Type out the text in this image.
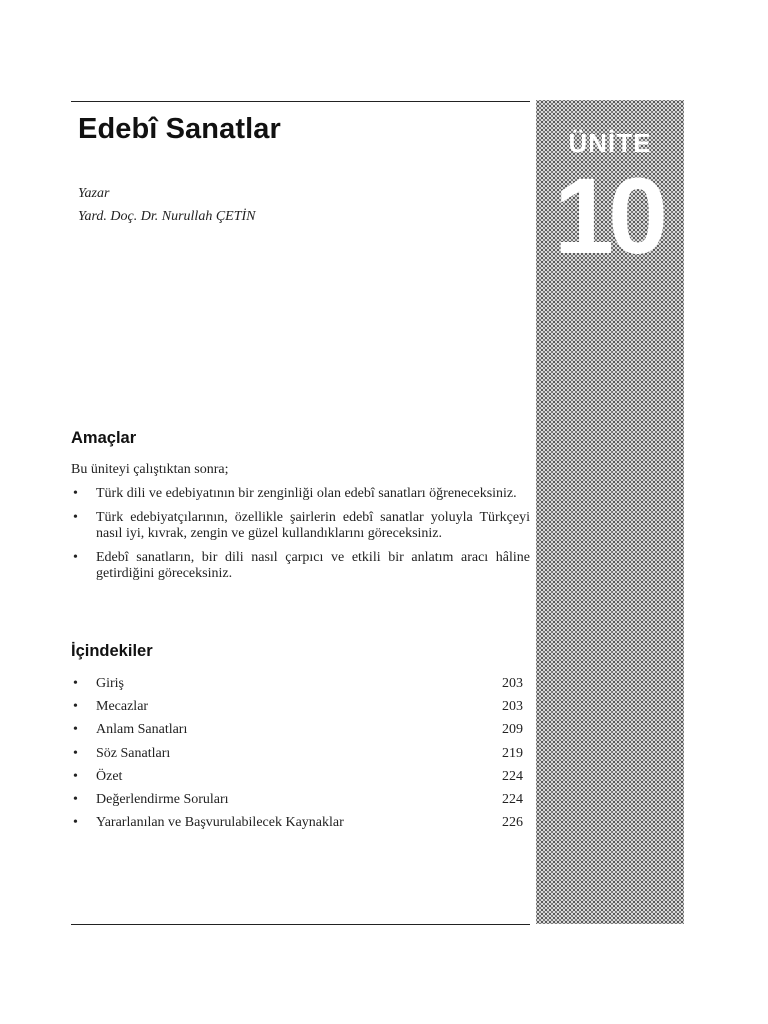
Edebî Sanatlar
Yazar
Yard. Doç. Dr. Nurullah ÇETİN
ÜNİTE
10
Amaçlar
Bu üniteyi çalıştıktan sonra;
• Türk dili ve edebiyatının bir zenginliği olan edebî sanatları öğreneceksiniz.
• Türk edebiyatçılarının, özellikle şairlerin edebî sanatlar yoluyla Türkçeyi nasıl iyi, kıvrak, zengin ve güzel kullandıklarını göreceksiniz.
• Edebî sanatların, bir dili nasıl çarpıcı ve etkili bir anlatım aracı hâline getirdiğini göreceksiniz.
İçindekiler
• Giriş	203
• Mecazlar	203
• Anlam Sanatları	209
• Söz Sanatları	219
• Özet	224
• Değerlendirme Soruları	224
• Yararlanılan ve Başvurulabilecek Kaynaklar	226
